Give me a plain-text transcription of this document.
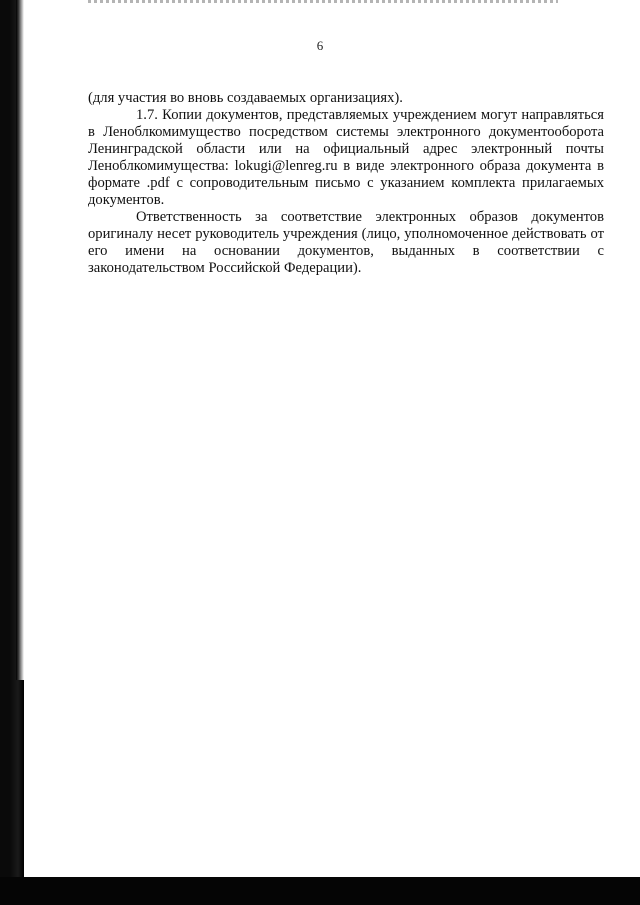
6

(для участия во вновь создаваемых организациях).

1.7. Копии документов, представляемых учреждением могут направляться в Леноблкомимущество посредством системы электронного документооборота Ленинградской области или на официальный адрес электронный почты Леноблкомимущества: lokugi@lenreg.ru в виде электронного образа документа в формате .pdf с сопроводительным письмо с указанием комплекта прилагаемых документов.

Ответственность за соответствие электронных образов документов оригиналу несет руководитель учреждения (лицо, уполномоченное действовать от его имени на основании документов, выданных в соответствии с законодательством Российской Федерации).
